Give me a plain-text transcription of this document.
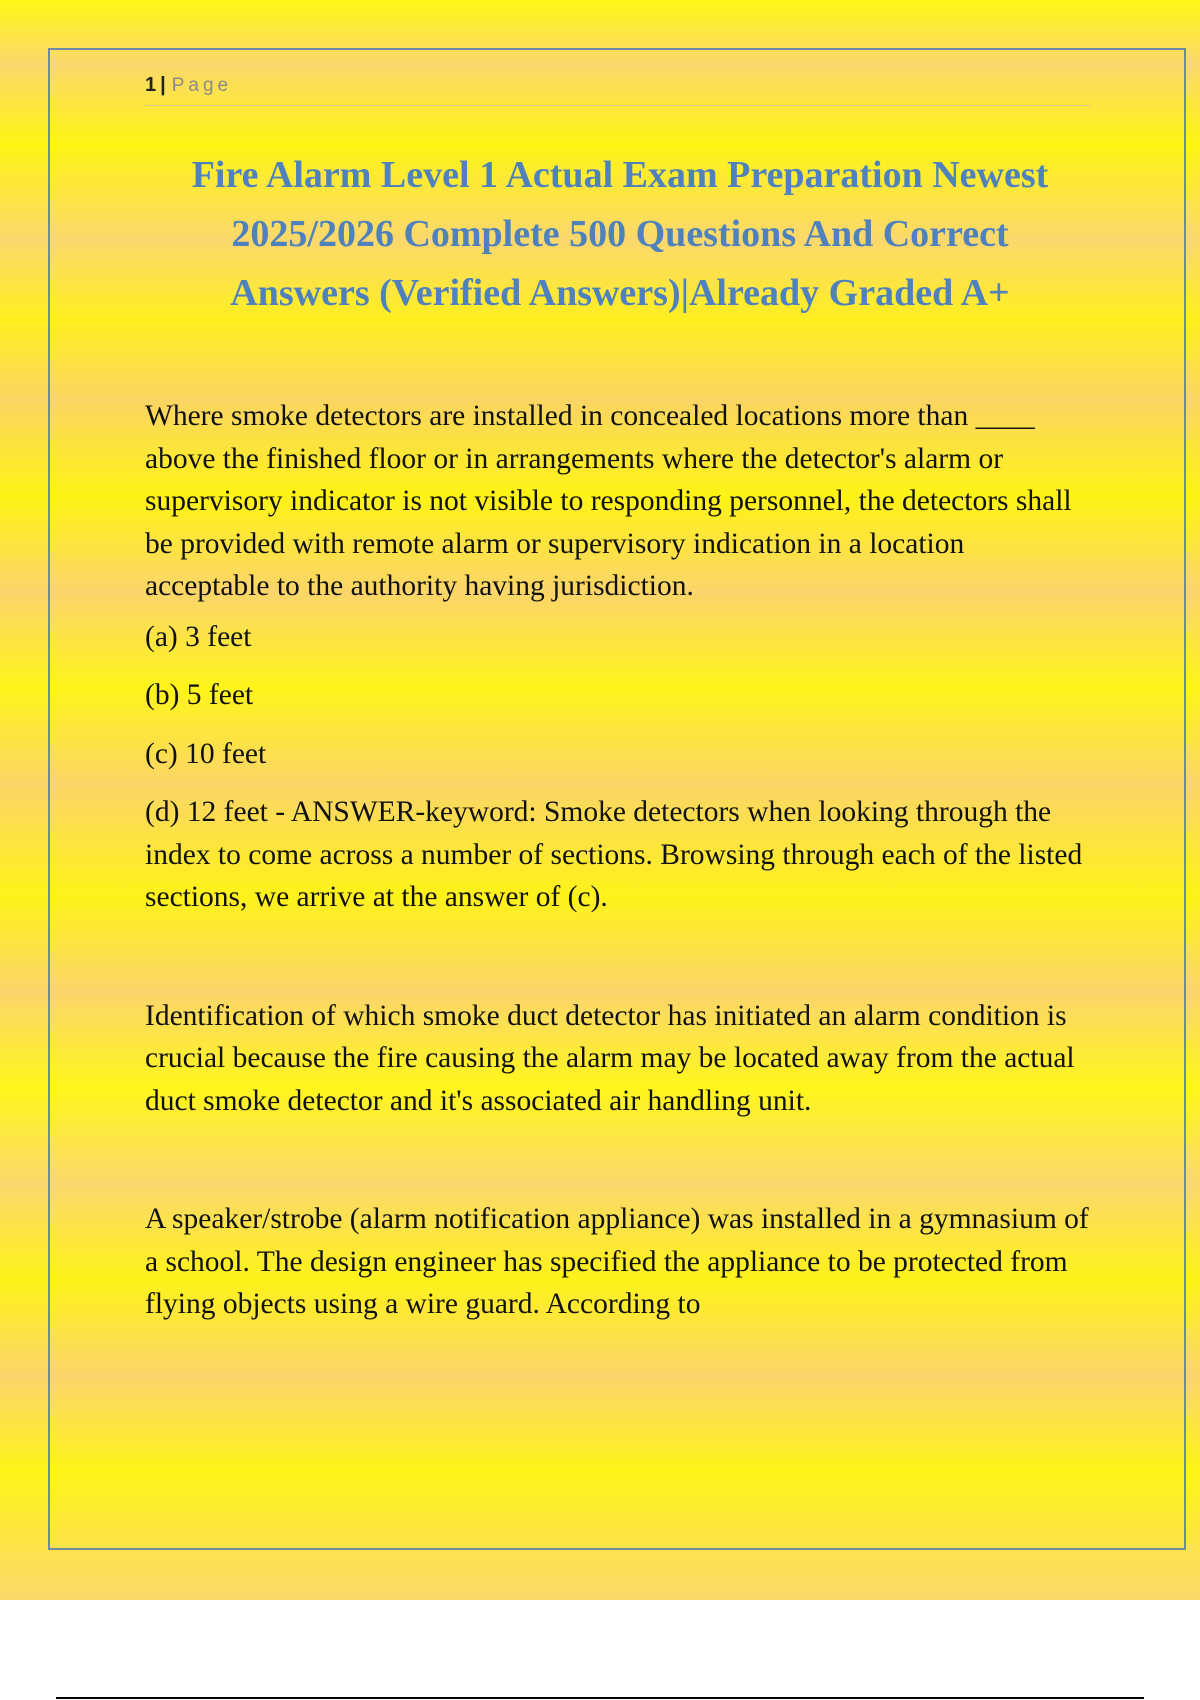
1 | Page
Fire Alarm Level 1 Actual Exam Preparation Newest
2025/2026 Complete 500 Questions And Correct
Answers (Verified Answers)|Already Graded A+

Where smoke detectors are installed in concealed locations more than ____ above the finished floor or in arrangements where the detector's alarm or supervisory indicator is not visible to responding personnel, the detectors shall be provided with remote alarm or supervisory indication in a location acceptable to the authority having jurisdiction.

(a) 3 feet

(b) 5 feet

(c) 10 feet

(d) 12 feet - ANSWER-keyword: Smoke detectors when looking through the index to come across a number of sections. Browsing through each of the listed sections, we arrive at the answer of (c).

Identification of which smoke duct detector has initiated an alarm condition is crucial because the fire causing the alarm may be located away from the actual duct smoke detector and it's associated air handling unit.

A speaker/strobe (alarm notification appliance) was installed in a gymnasium of a school. The design engineer has specified the appliance to be protected from flying objects using a wire guard. According to
